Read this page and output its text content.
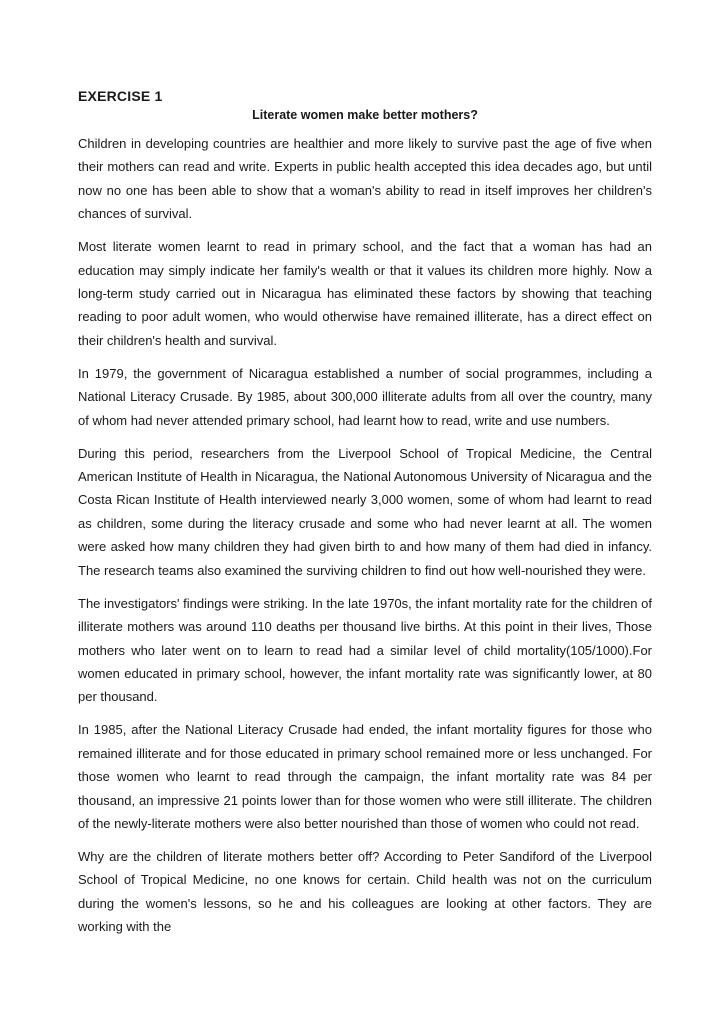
EXERCISE 1
Literate women make better mothers?

Children in developing countries are healthier and more likely to survive past the age of five when their mothers can read and write. Experts in public health accepted this idea decades ago, but until now no one has been able to show that a woman's ability to read in itself improves her children's chances of survival.

Most literate women learnt to read in primary school, and the fact that a woman has had an education may simply indicate her family's wealth or that it values its children more highly. Now a long-term study carried out in Nicaragua has eliminated these factors by showing that teaching reading to poor adult women, who would otherwise have remained illiterate, has a direct effect on their children's health and survival.

In 1979, the government of Nicaragua established a number of social programmes, including a National Literacy Crusade. By 1985, about 300,000 illiterate adults from all over the country, many of whom had never attended primary school, had learnt how to read, write and use numbers.

During this period, researchers from the Liverpool School of Tropical Medicine, the Central American Institute of Health in Nicaragua, the National Autonomous University of Nicaragua and the Costa Rican Institute of Health interviewed nearly 3,000 women, some of whom had learnt to read as children, some during the literacy crusade and some who had never learnt at all. The women were asked how many children they had given birth to and how many of them had died in infancy. The research teams also examined the surviving children to find out how well-nourished they were.

The investigators' findings were striking. In the late 1970s, the infant mortality rate for the children of illiterate mothers was around 110 deaths per thousand live births. At this point in their lives, Those mothers who later went on to learn to read had a similar level of child mortality(105/1000).For women educated in primary school, however, the infant mortality rate was significantly lower, at 80 per thousand.

In 1985, after the National Literacy Crusade had ended, the infant mortality figures for those who remained illiterate and for those educated in primary school remained more or less unchanged. For those women who learnt to read through the campaign, the infant mortality rate was 84 per thousand, an impressive 21 points lower than for those women who were still illiterate. The children of the newly-literate mothers were also better nourished than those of women who could not read.

Why are the children of literate mothers better off? According to Peter Sandiford of the Liverpool School of Tropical Medicine, no one knows for certain. Child health was not on the curriculum during the women's lessons, so he and his colleagues are looking at other factors. They are working with the
